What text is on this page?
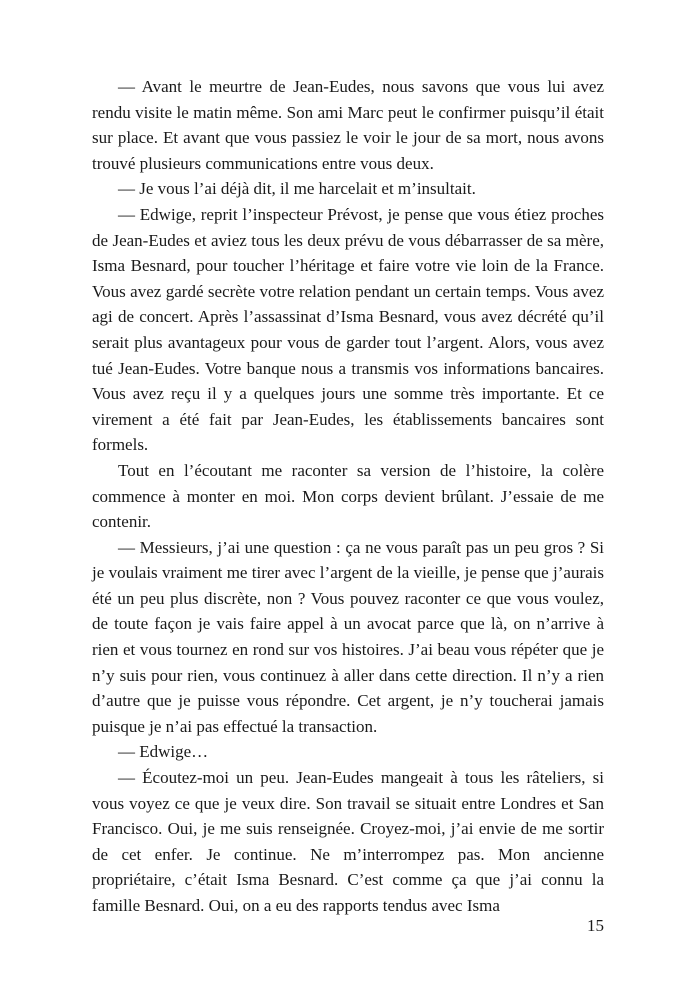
— Avant le meurtre de Jean-Eudes, nous savons que vous lui avez rendu visite le matin même. Son ami Marc peut le confirmer puisqu’il était sur place. Et avant que vous passiez le voir le jour de sa mort, nous avons trouvé plusieurs communications entre vous deux.

— Je vous l’ai déjà dit, il me harcelait et m’insultait.

— Edwige, reprit l’inspecteur Prévost, je pense que vous étiez proches de Jean-Eudes et aviez tous les deux prévu de vous débarrasser de sa mère, Isma Besnard, pour toucher l’héritage et faire votre vie loin de la France. Vous avez gardé secrète votre relation pendant un certain temps. Vous avez agi de concert. Après l’assassinat d’Isma Besnard, vous avez décrété qu’il serait plus avantageux pour vous de garder tout l’argent. Alors, vous avez tué Jean-Eudes. Votre banque nous a transmis vos informations bancaires. Vous avez reçu il y a quelques jours une somme très importante. Et ce virement a été fait par Jean-Eudes, les établissements bancaires sont formels.

Tout en l’écoutant me raconter sa version de l’histoire, la colère commence à monter en moi. Mon corps devient brûlant. J’essaie de me contenir.

— Messieurs, j’ai une question : ça ne vous paraît pas un peu gros ? Si je voulais vraiment me tirer avec l’argent de la vieille, je pense que j’aurais été un peu plus discrète, non ? Vous pouvez raconter ce que vous voulez, de toute façon je vais faire appel à un avocat parce que là, on n’arrive à rien et vous tournez en rond sur vos histoires. J’ai beau vous répéter que je n’y suis pour rien, vous continuez à aller dans cette direction. Il n’y a rien d’autre que je puisse vous répondre. Cet argent, je n’y toucherai jamais puisque je n’ai pas effectué la transaction.

— Edwige…

— Écoutez-moi un peu. Jean-Eudes mangeait à tous les râteliers, si vous voyez ce que je veux dire. Son travail se situait entre Londres et San Francisco. Oui, je me suis renseignée. Croyez-moi, j’ai envie de me sortir de cet enfer. Je continue. Ne m’interrompez pas. Mon ancienne propriétaire, c’était Isma Besnard. C’est comme ça que j’ai connu la famille Besnard. Oui, on a eu des rapports tendus avec Isma

15
